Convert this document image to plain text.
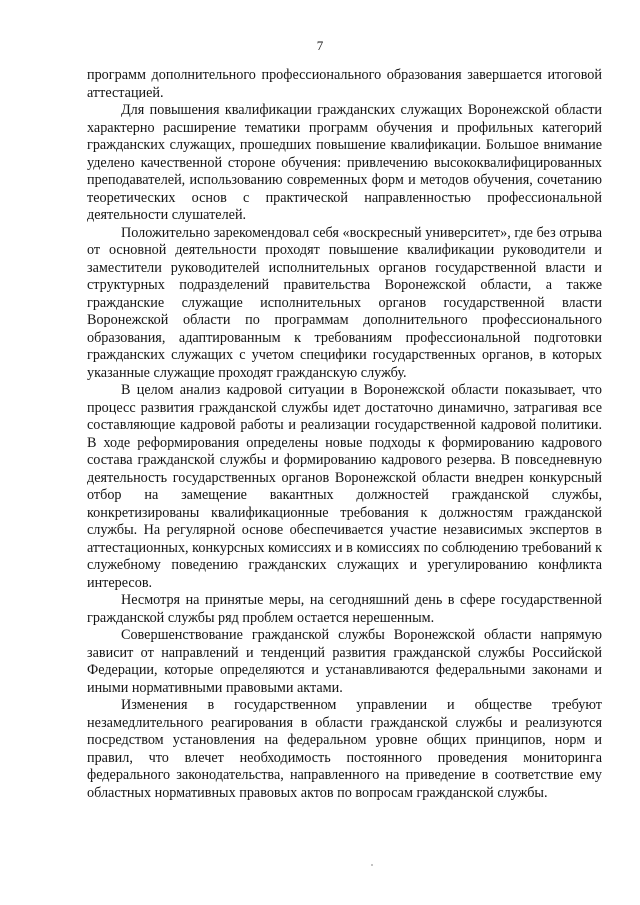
7

программ дополнительного профессионального образования завершается итоговой аттестацией.

Для повышения квалификации гражданских служащих Воронежской области характерно расширение тематики программ обучения и профильных категорий гражданских служащих, прошедших повышение квалификации. Большое внимание уделено качественной стороне обучения: привлечению высококвалифицированных преподавателей, использованию современных форм и методов обучения, сочетанию теоретических основ с практической направленностью профессиональной деятельности слушателей.

Положительно зарекомендовал себя «воскресный университет», где без отрыва от основной деятельности проходят повышение квалификации руководители и заместители руководителей исполнительных органов государственной власти и структурных подразделений правительства Воронежской области, а также гражданские служащие исполнительных органов государственной власти Воронежской области по программам дополнительного профессионального образования, адаптированным к требованиям профессиональной подготовки гражданских служащих с учетом специфики государственных органов, в которых указанные служащие проходят гражданскую службу.

В целом анализ кадровой ситуации в Воронежской области показывает, что процесс развития гражданской службы идет достаточно динамично, затрагивая все составляющие кадровой работы и реализации государственной кадровой политики. В ходе реформирования определены новые подходы к формированию кадрового состава гражданской службы и формированию кадрового резерва. В повседневную деятельность государственных органов Воронежской области внедрен конкурсный отбор на замещение вакантных должностей гражданской службы, конкретизированы квалификационные требования к должностям гражданской службы. На регулярной основе обеспечивается участие независимых экспертов в аттестационных, конкурсных комиссиях и в комиссиях по соблюдению требований к служебному поведению гражданских служащих и урегулированию конфликта интересов.

Несмотря на принятые меры, на сегодняшний день в сфере государственной гражданской службы ряд проблем остается нерешенным.

Совершенствование гражданской службы Воронежской области напрямую зависит от направлений и тенденций развития гражданской службы Российской Федерации, которые определяются и устанавливаются федеральными законами и иными нормативными правовыми актами.

Изменения в государственном управлении и обществе требуют незамедлительного реагирования в области гражданской службы и реализуются посредством установления на федеральном уровне общих принципов, норм и правил, что влечет необходимость постоянного проведения мониторинга федерального законодательства, направленного на приведение в соответствие ему областных нормативных правовых актов по вопросам гражданской службы.
